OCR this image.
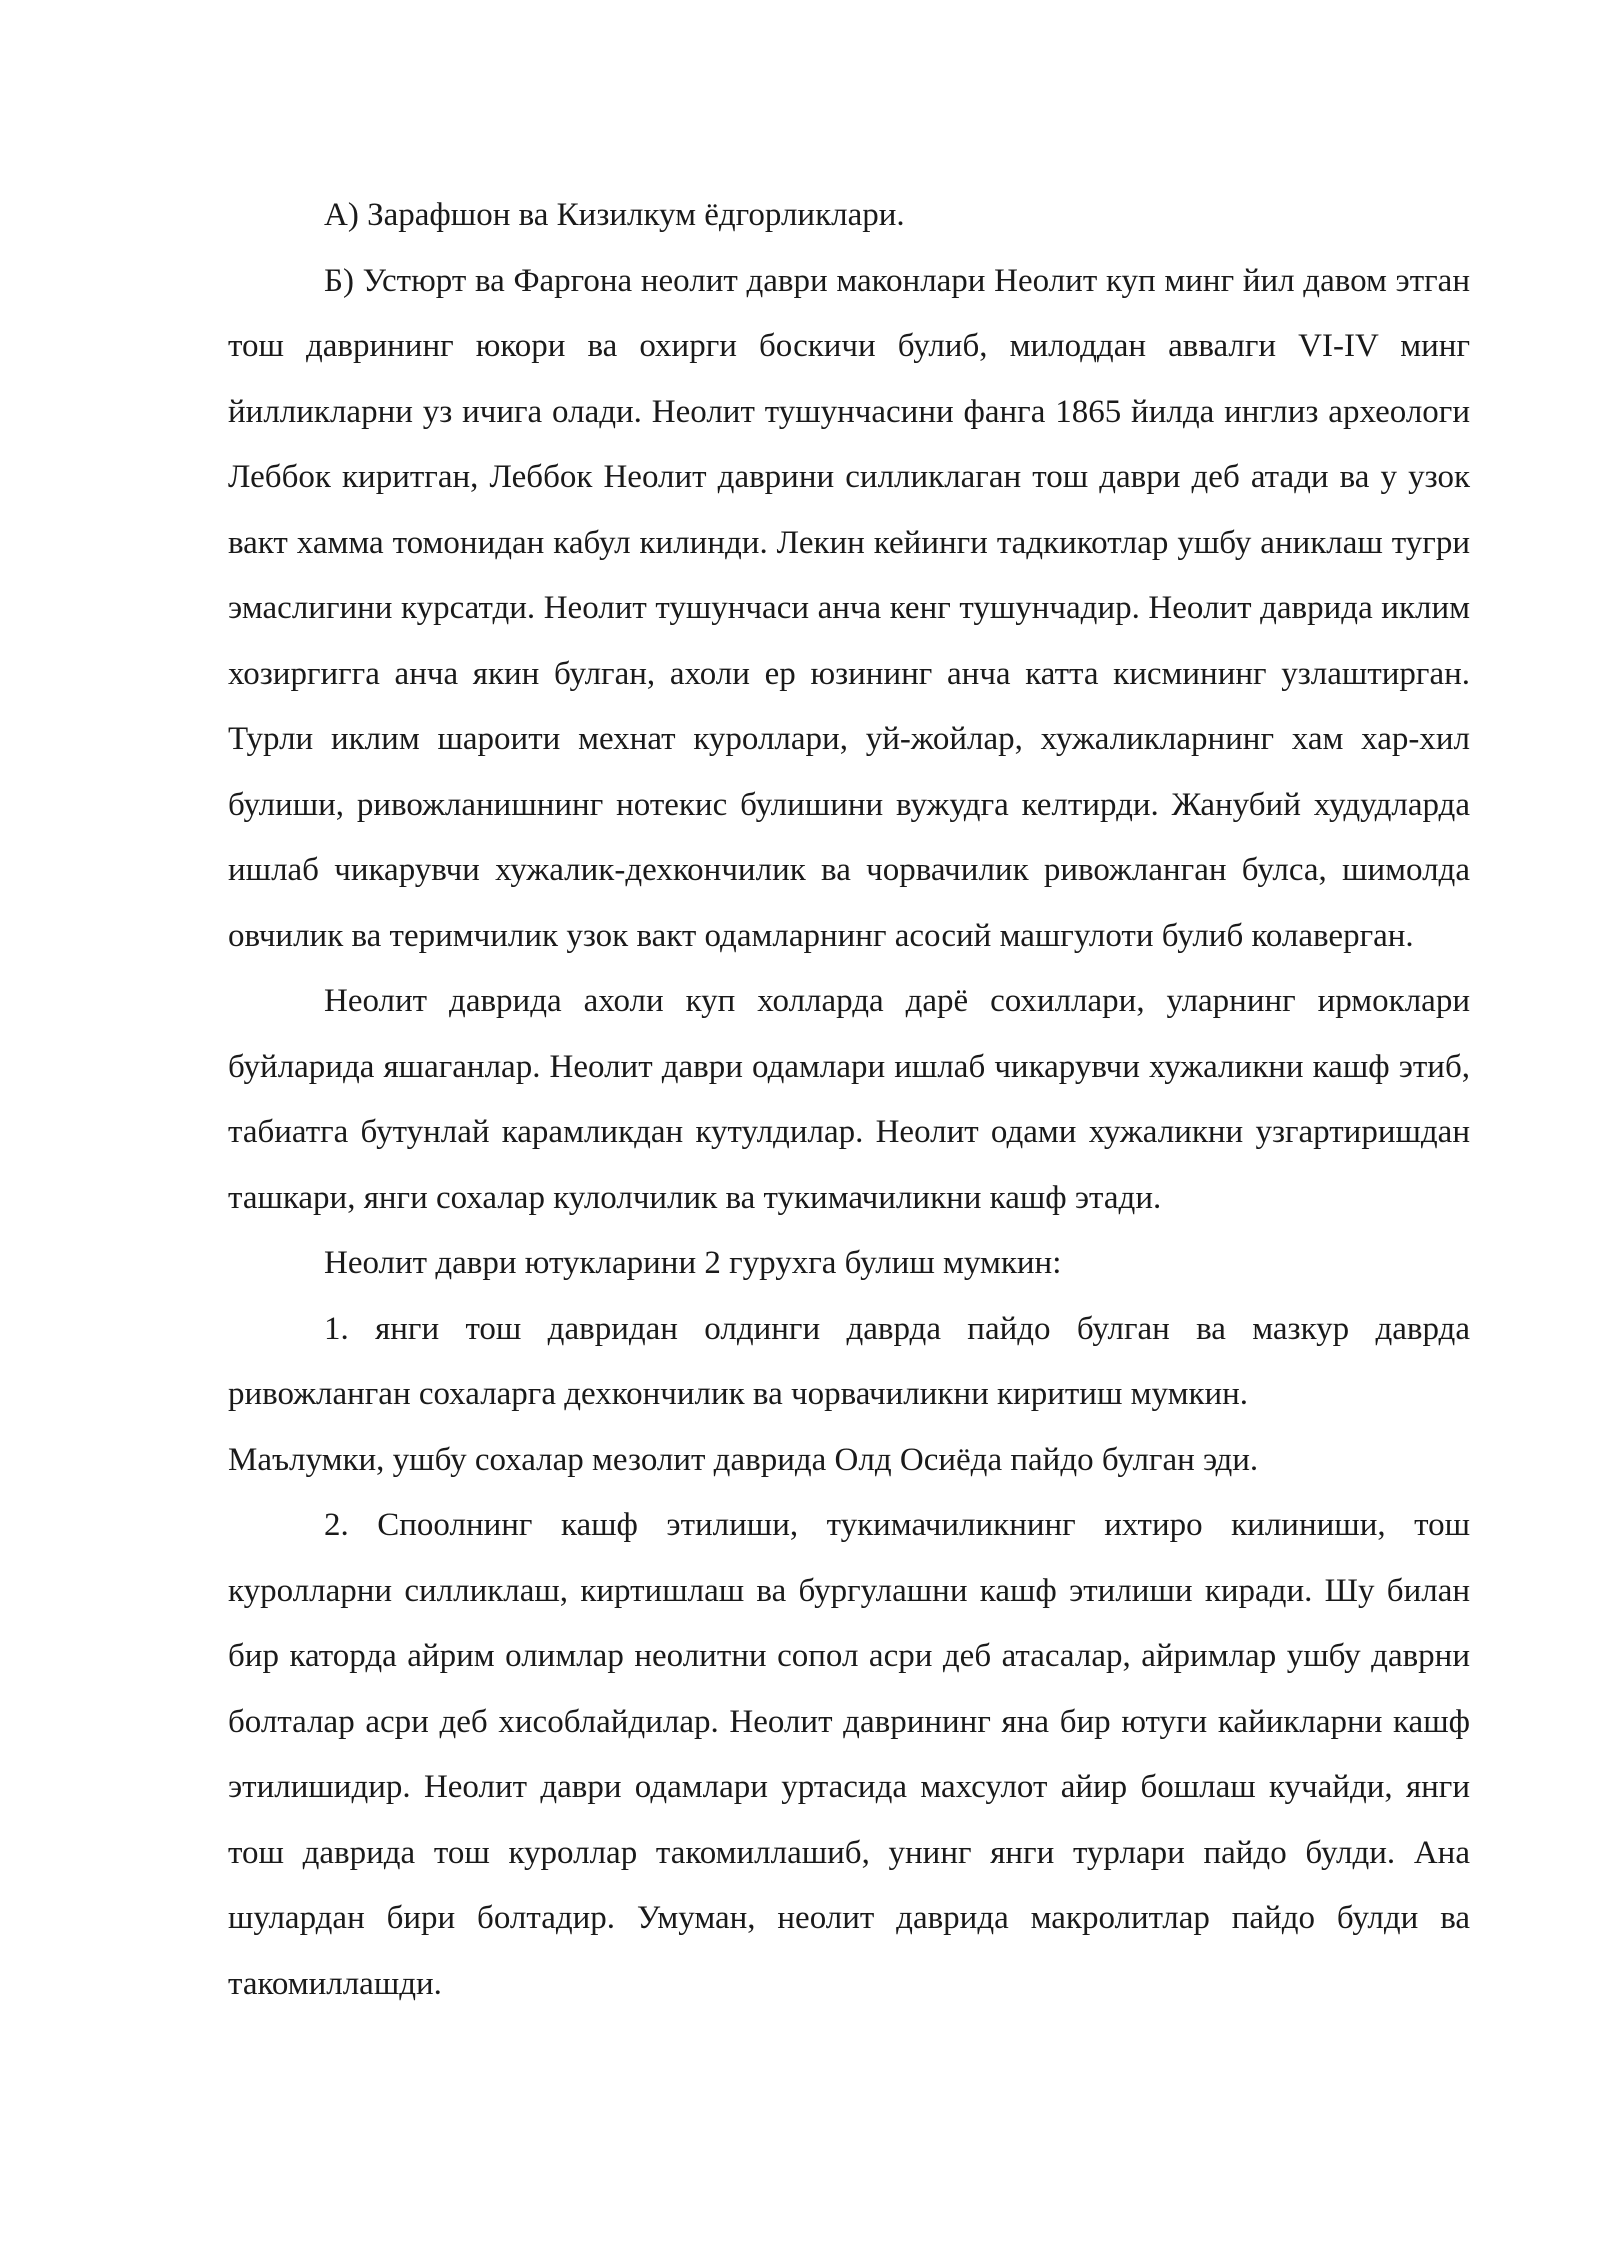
А) Зарафшон ва Кизилкум ёдгорликлари.

Б) Устюрт ва Фаргона неолит даври маконлари Неолит куп минг йил давом этган тош даврининг юкори ва охирги боскичи булиб, милоддан аввалги VI-IV минг йилликларни уз ичига олади. Неолит тушунчасини фанга 1865 йилда инглиз археологи Леббок киритган, Леббок Неолит даврини силликлаган тош даври деб атади ва у узок вакт хамма томонидан кабул килинди. Лекин кейинги тадкикотлар ушбу аниклаш тугри эмаслигини курсатди. Неолит тушунчаси анча кенг тушунчадир. Неолит даврида иклим хозиргигга анча якин булган, ахоли ер юзининг анча катта кисмининг узлаштирган. Турли иклим шароити мехнат куроллари, уй-жойлар, хужаликларнинг хам хар-хил булиши, ривожланишнинг нотекис булишини вужудга келтирди. Жанубий худудларда ишлаб чикарувчи хужалик-дехкончилик ва чорвачилик ривожланган булса, шимолда овчилик ва теримчилик узок вакт одамларнинг асосий машгулоти булиб колаверган.

Неолит даврида ахоли куп холларда дарё сохиллари, уларнинг ирмоклари буйларида яшаганлар. Неолит даври одамлари ишлаб чикарувчи хужаликни кашф этиб, табиатга бутунлай карамликдан кутулдилар. Неолит одами хужаликни узгартиришдан ташкари, янги сохалар кулолчилик ва тукимачиликни кашф этади.

Неолит даври ютукларини 2 гурухга булиш мумкин:

1. янги тош давридан олдинги даврда пайдо булган ва мазкур даврда ривожланган сохаларга дехкончилик ва чорвачиликни киритиш мумкин.

Маълумки, ушбу сохалар мезолит даврида Олд Осиёда пайдо булган эди.

2. Споолнинг кашф этилиши, тукимачиликнинг ихтиро килиниши, тош куролларни силликлаш, киртишлаш ва бургулашни кашф этилиши киради. Шу билан бир каторда айрим олимлар неолитни сопол асри деб атасалар, айримлар ушбу даврни болталар асри деб хисоблайдилар. Неолит даврининг яна бир ютуги кайикларни кашф этилишидир. Неолит даври одамлари уртасида махсулот айир бошлаш кучайди, янги тош даврида тош куроллар такомиллашиб, унинг янги турлари пайдо булди. Ана шулардан бири болтадир. Умуман, неолит даврида макролитлар пайдо булди ва такомиллашди.
